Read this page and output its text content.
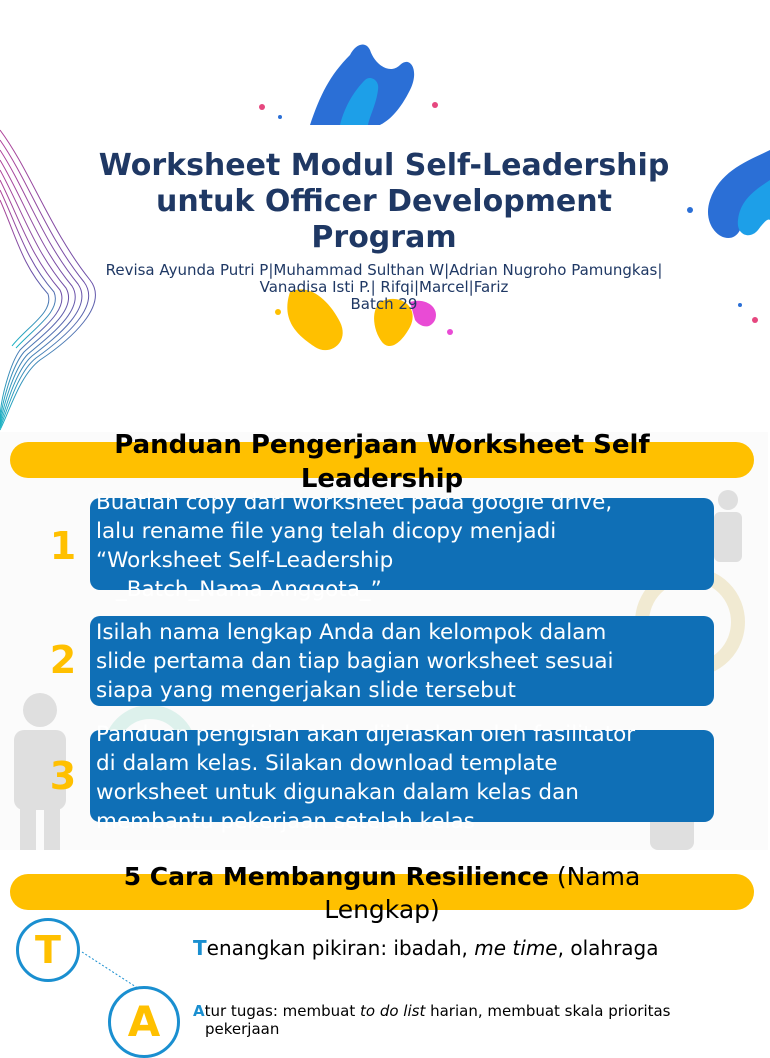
Worksheet Modul Self-Leadership
untuk Officer Development
Program
Revisa Ayunda Putri P|Muhammad Sulthan W|Adrian Nugroho Pamungkas|
Vanadisa Isti P.| Rifqi|Marcel|Fariz
Batch 29
Panduan Pengerjaan Worksheet Self
Leadership
1
Buatlah copy dari worksheet pada google drive,
lalu rename file yang telah dicopy menjadi
“Worksheet Self-Leadership
_Batch_Nama Anggota_”
2
Isilah nama lengkap Anda dan kelompok dalam
slide pertama dan tiap bagian worksheet sesuai
siapa yang mengerjakan slide tersebut
3
Panduan pengisian akan dijelaskan oleh fasilitator
di dalam kelas. Silakan download template
worksheet untuk digunakan dalam kelas dan
membantu pekerjaan setelah kelas
5 Cara Membangun Resilience (Nama
Lengkap)
T	Tenangkan pikiran: ibadah, me time, olahraga
A	Atur tugas: membuat to do list harian, membuat skala prioritas
pekerjaan
